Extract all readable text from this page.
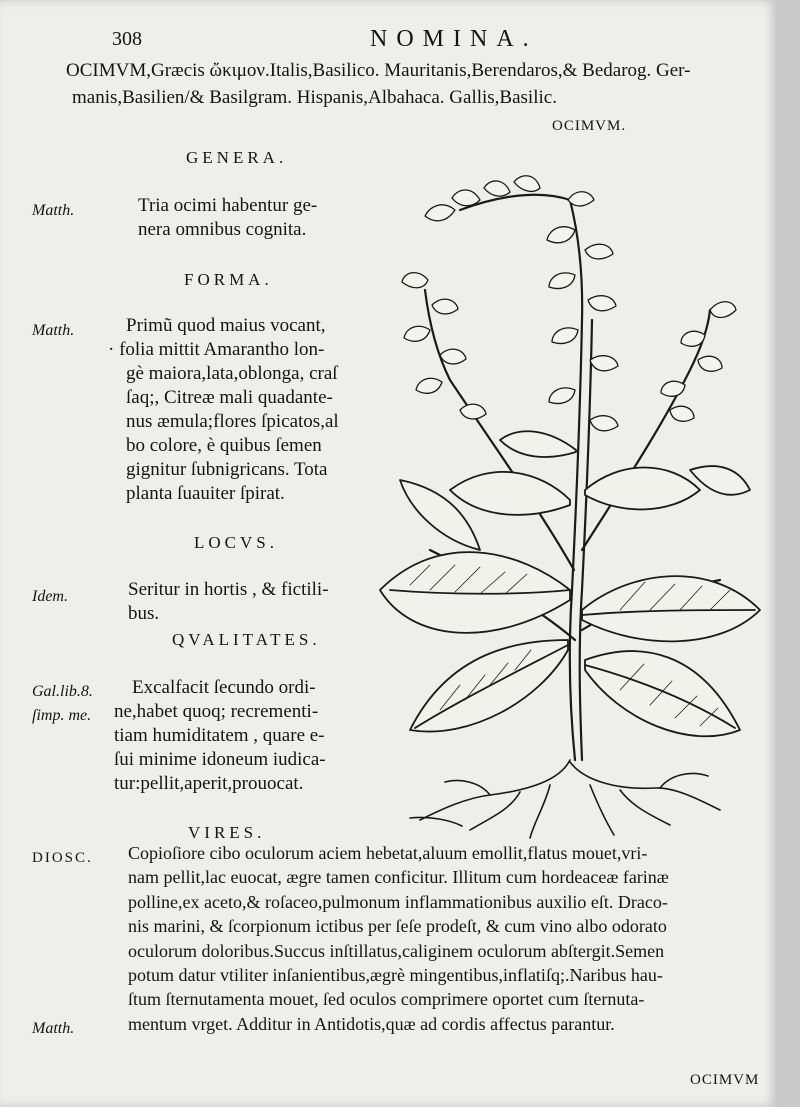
308	NOMINA.

OCIMVM,Græcis ὤκιμον.Italis,Basilico. Mauritanis,Berendaros,& Bedarog. Ger-

manis,Basilien/& Basilgram. Hispanis,Albahaca. Gallis,Basilic.

OCIMVM.

GENERA.

Matth.	Tria ocimi habentur ge-
nera omnibus cognita.

FORMA.

Matth.	Primũ quod maius vocant,
· folia mittit Amarantho lon-
gè maiora,lata,oblonga, craſ
ſaq;, Citreæ mali quadante-
nus æmula;flores ſpicatos,al
bo colore, è quibus ſemen
gignitur ſubnigricans. Tota
planta ſuauiter ſpirat.

LOCVS.

Idem.	Seritur in hortis , & fictili-
bus.

QVALITATES.

Gal.lib.8.

ſimp. me.

Excalfacit ſecundo ordi-
ne,habet quoq; recrementi-
tiam humiditatem , quare e-
ſui minime idoneum iudica-
tur:pellit,aperit,prouocat.

VIRES.

DIOSC.

Matth.

Copioſiore cibo oculorum aciem hebetat,aluum emollit,flatus mouet,vri-
nam pellit,lac euocat, ægre tamen conficitur. Illitum cum hordeaceæ farinæ
polline,ex aceto,& roſaceo,pulmonum inflammationibus auxilio eſt. Draco-
nis marini, & ſcorpionum ictibus per ſeſe prodeſt, & cum vino albo odorato
oculorum doloribus.Succus inſtillatus,caliginem oculorum abſtergit.Semen
potum datur vtiliter inſanientibus,ægrè mingentibus,inflatiſq;.Naribus hau-
ſtum ſternutamenta mouet, ſed oculos comprimere oportet cum ſternuta-
mentum vrget. Additur in Antidotis,quæ ad cordis affectus parantur.

OCIMVM
